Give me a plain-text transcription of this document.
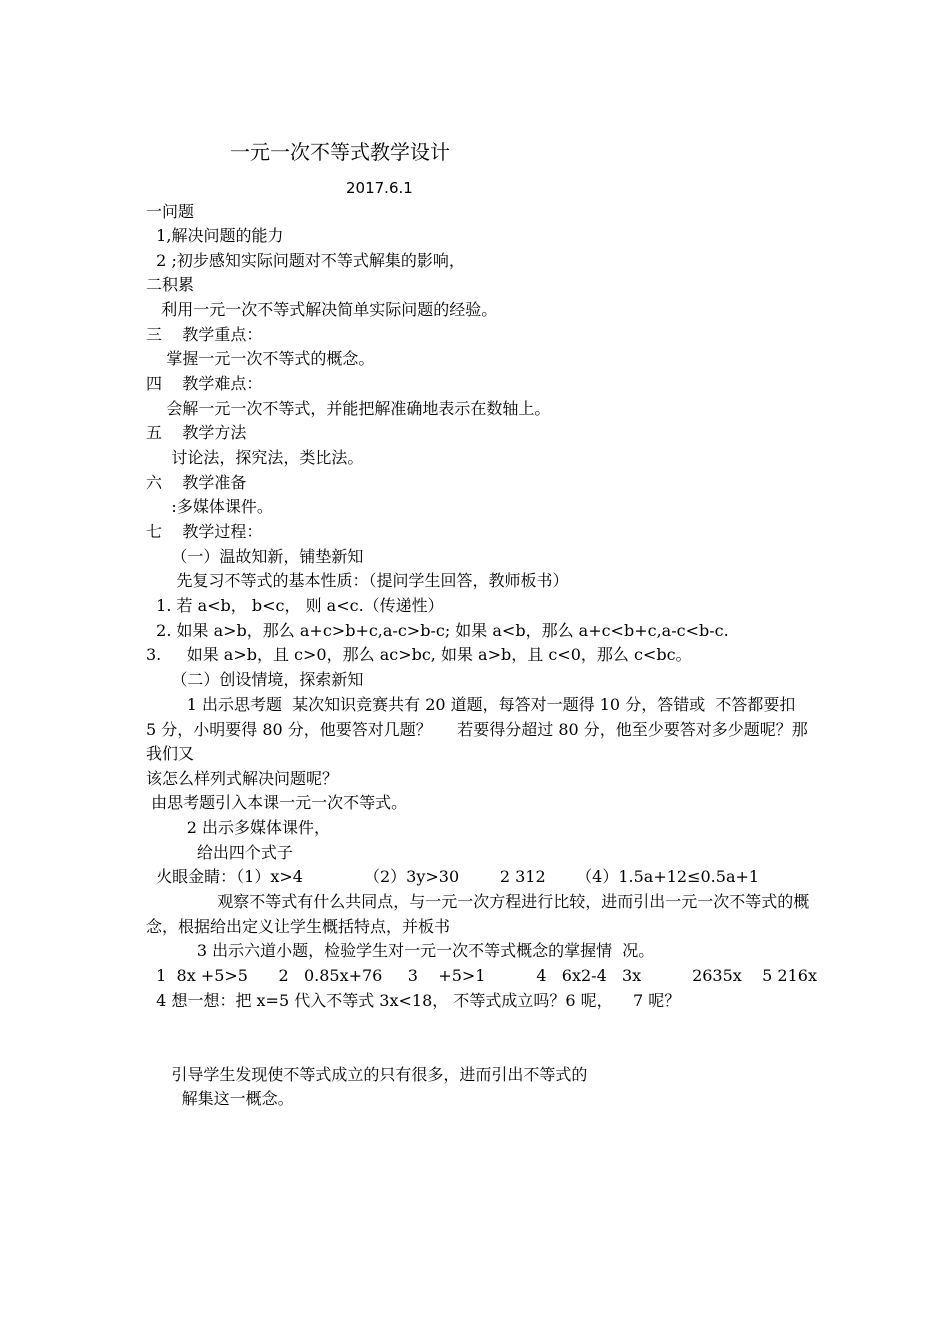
一元一次不等式教学设计
2017.6.1
一问题
1,解决问题的能力
2 ;初步感知实际问题对不等式解集的影响，
二积累
利用一元一次不等式解决简单实际问题的经验。
三    教学重点：
掌握一元一次不等式的概念。
四    教学难点：
会解一元一次不等式，并能把解准确地表示在数轴上。
五    教学方法
讨论法，探究法，类比法。
六    教学准备
:多媒体课件。
七    教学过程：
（一）温故知新，铺垫新知
先复习不等式的基本性质：（提问学生回答，教师板书）
1. 若 a<b， b<c， 则 a<c.（传递性）
2. 如果 a>b，那么 a+c>b+c,a-c>b-c; 如果 a<b，那么 a+c<b+c,a-c<b-c.
3.     如果 a>b，且 c>0，那么 ac>bc, 如果 a>b，且 c<0，那么 c<bc。
（二）创设情境，探索新知
1 出示思考题  某次知识竞赛共有 20 道题，每答对一题得 10 分，答错或  不答都要扣 5 分，小明要得 80 分，他要答对几题？     若要得分超过 80 分，他至少要答对多少题呢？那我们又
该怎么样列式解决问题呢？
由思考题引入本课一元一次不等式。
2 出示多媒体课件，
给出四个式子
火眼金睛：（1）x>4            （2）3y>30        2 312      （4）1.5a+12≤0.5a+1
观察不等式有什么共同点，与一元一次方程进行比较，进而引出一元一次不等式的概念，根据给出定义让学生概括特点，并板书
3 出示六道小题，检验学生对一元一次不等式概念的掌握情  况。
1  8x +5>5      2   0.85x+76     3    +5>1          4   6x2-4   3x          2635x    5 216x
4 想一想：把 x=5 代入不等式 3x<18， 不等式成立吗？6 呢，    7 呢？
引导学生发现使不等式成立的只有很多，进而引出不等式的
解集这一概念。
